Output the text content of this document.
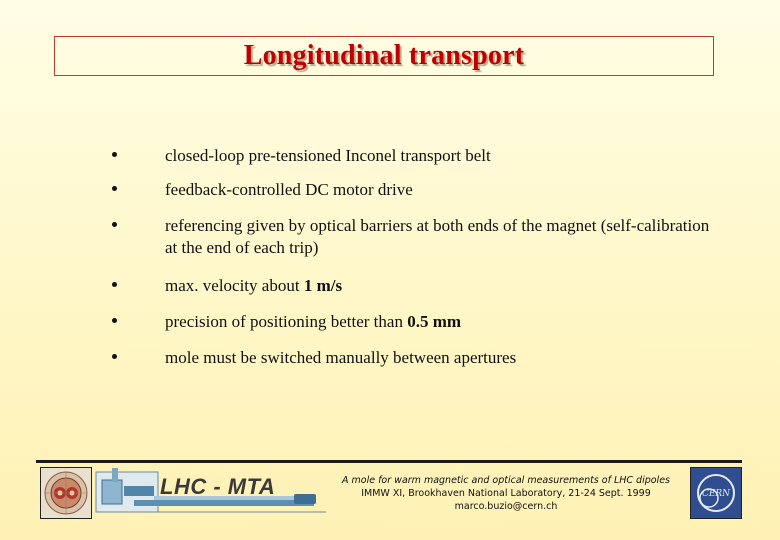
Longitudinal transport
closed-loop pre-tensioned Inconel transport belt
feedback-controlled DC motor drive
referencing given by optical barriers at both ends of the magnet (self-calibration at the end of each trip)
max. velocity about 1 m/s
precision of positioning better than 0.5 mm
mole must be switched manually between apertures
LHC - MTA	A mole for warm magnetic and optical measurements of LHC dipoles
IMMW XI, Brookhaven National Laboratory, 21-24 Sept. 1999
marco.buzio@cern.ch
CERN
